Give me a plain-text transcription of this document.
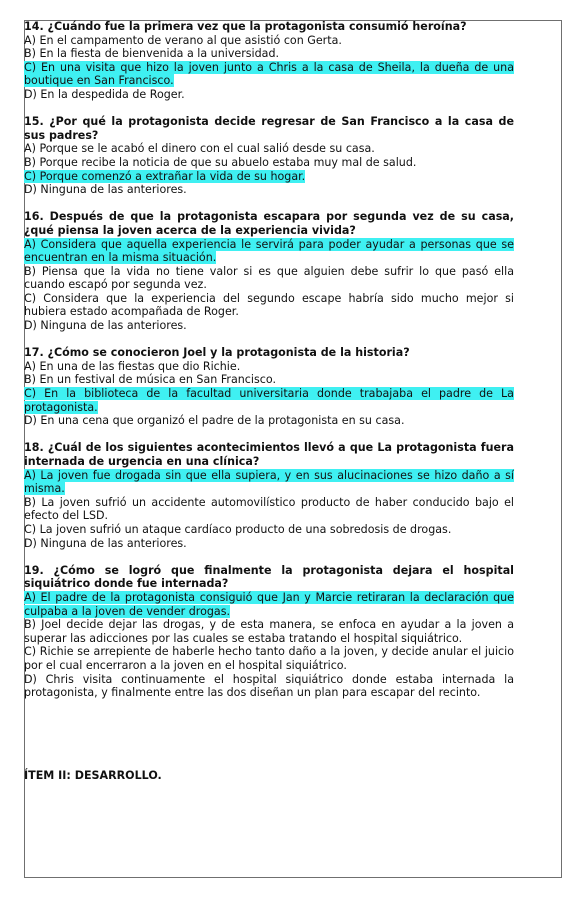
14. ¿Cuándo fue la primera vez que la protagonista consumió heroína?
A) En el campamento de verano al que asistió con Gerta.
B) En la fiesta de bienvenida a la universidad.
C) En una visita que hizo la joven junto a Chris a la casa de Sheila, la dueña de una boutique en San Francisco.
D) En la despedida de Roger.
15. ¿Por qué la protagonista decide regresar de San Francisco a la casa de sus padres?
A) Porque se le acabó el dinero con el cual salió desde su casa.
B) Porque recibe la noticia de que su abuelo estaba muy mal de salud.
C) Porque comenzó a extrañar la vida de su hogar.
D) Ninguna de las anteriores.
16. Después de que la protagonista escapara por segunda vez de su casa, ¿qué piensa la joven acerca de la experiencia vivida?
A) Considera que aquella experiencia le servirá para poder ayudar a personas que se encuentran en la misma situación.
B) Piensa que la vida no tiene valor si es que alguien debe sufrir lo que pasó ella cuando escapó por segunda vez.
C) Considera que la experiencia del segundo escape habría sido mucho mejor si hubiera estado acompañada de Roger.
D) Ninguna de las anteriores.
17. ¿Cómo se conocieron Joel y la protagonista de la historia?
A) En una de las fiestas que dio Richie.
B) En un festival de música en San Francisco.
C) En la biblioteca de la facultad universitaria donde trabajaba el padre de La protagonista.
D) En una cena que organizó el padre de la protagonista en su casa.
18. ¿Cuál de los siguientes acontecimientos llevó a que La protagonista fuera internada de urgencia en una clínica?
A) La joven fue drogada sin que ella supiera, y en sus alucinaciones se hizo daño a sí misma.
B) La joven sufrió un accidente automovilístico producto de haber conducido bajo el efecto del LSD.
C) La joven sufrió un ataque cardíaco producto de una sobredosis de drogas.
D) Ninguna de las anteriores.
19. ¿Cómo se logró que finalmente la protagonista dejara el hospital siquiátrico donde fue internada?
A) El padre de la protagonista consiguió que Jan y Marcie retiraran la declaración que culpaba a la joven de vender drogas.
B) Joel decide dejar las drogas, y de esta manera, se enfoca en ayudar a la joven a superar las adicciones por las cuales se estaba tratando el hospital siquiátrico.
C) Richie se arrepiente de haberle hecho tanto daño a la joven, y decide anular el juicio por el cual encerraron a la joven en el hospital siquiátrico.
D) Chris visita continuamente el hospital siquiátrico donde estaba internada la protagonista, y finalmente entre las dos diseñan un plan para escapar del recinto.
ÍTEM II: DESARROLLO.
